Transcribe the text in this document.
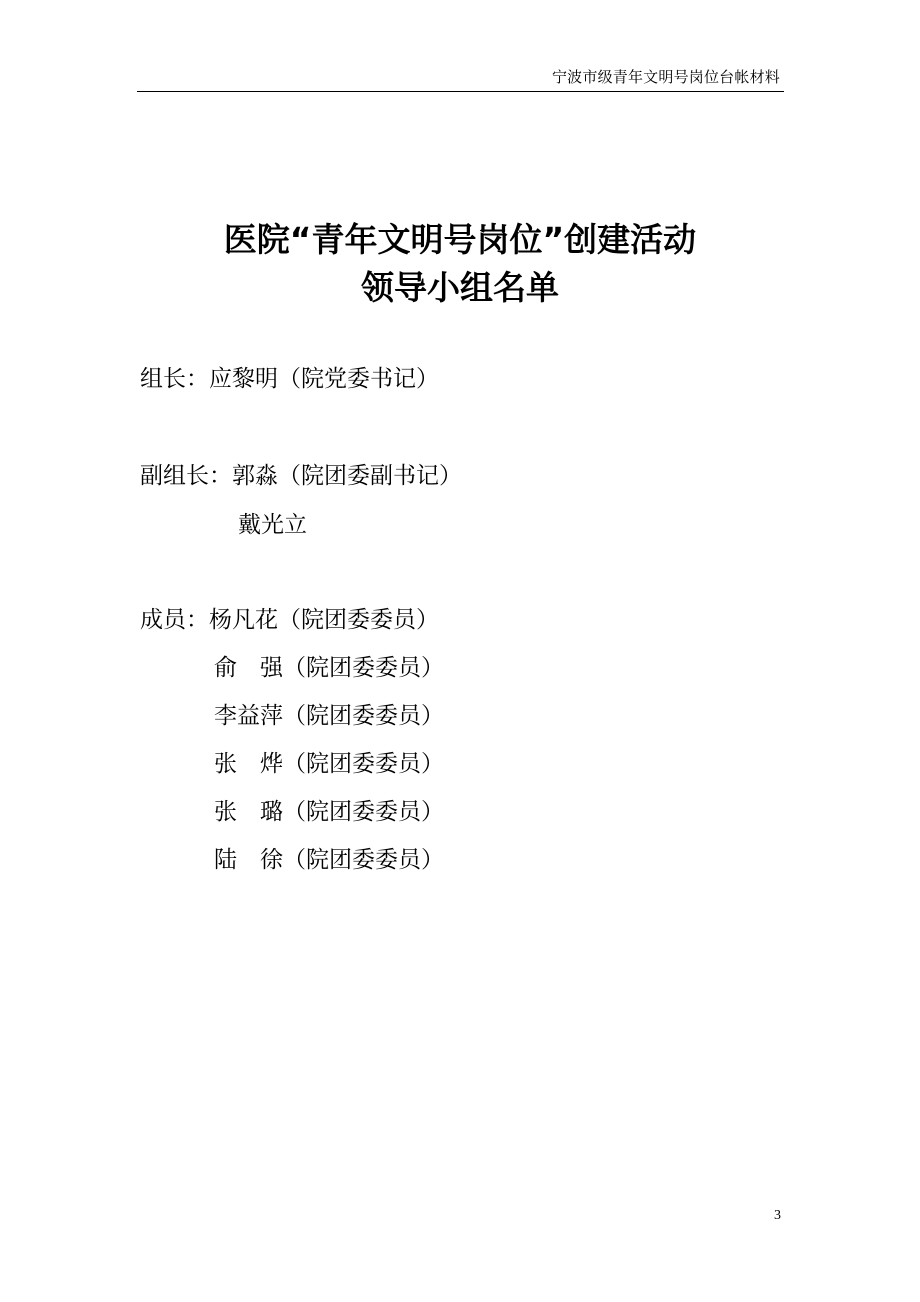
宁波市级青年文明号岗位台帐材料
医院“青年文明号岗位”创建活动
领导小组名单
组长：应黎明（院党委书记）
副组长：郭淼（院团委副书记）
戴光立
成员：杨凡花（院团委委员）
俞　强（院团委委员）
李益萍（院团委委员）
张　烨（院团委委员）
张　璐（院团委委员）
陆　徐（院团委委员）
3
